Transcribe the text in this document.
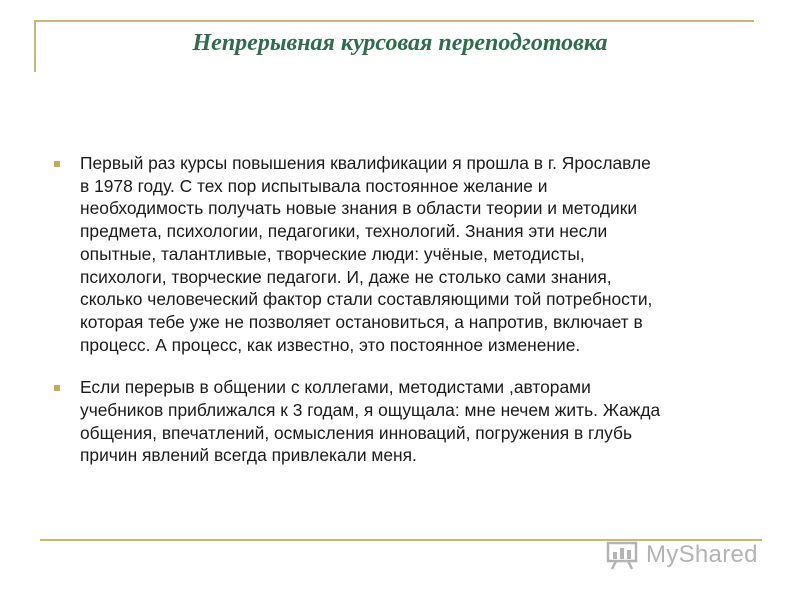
Непрерывная курсовая переподготовка
Первый раз курсы повышения квалификации я прошла в г. Ярославле
в 1978 году. С тех пор испытывала постоянное желание и
необходимость получать новые знания в области теории и методики
предмета, психологии, педагогики, технологий. Знания эти несли
опытные, талантливые, творческие люди: учёные, методисты,
психологи, творческие педагоги. И, даже не столько сами знания,
сколько человеческий фактор стали составляющими той потребности,
которая тебе уже не позволяет остановиться, а напротив, включает в
процесс. А процесс, как известно, это постоянное изменение.
Если перерыв в общении с коллегами, методистами ,авторами
учебников приближался к 3 годам, я ощущала: мне нечем жить. Жажда
общения, впечатлений, осмысления инноваций, погружения в глубь
причин явлений всегда привлекали меня.
MyShared
